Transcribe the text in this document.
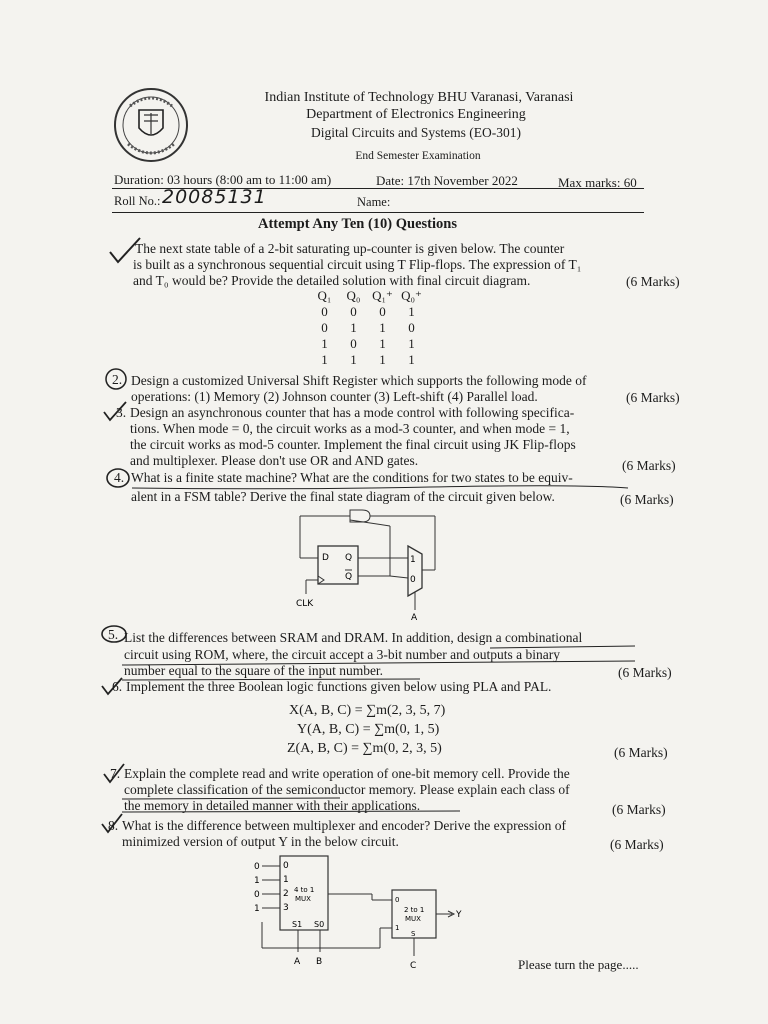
Indian Institute of Technology BHU Varanasi, Varanasi
Department of Electronics Engineering
Digital Circuits and Systems (EO-301)
End Semester Examination
Duration: 03 hours (8:00 am to 11:00 am)	Date: 17th November 2022	Max marks: 60
Roll No.: 20085131	Name:
Attempt Any Ten (10) Questions
The next state table of a 2-bit saturating up-counter is given below. The counter
is built as a synchronous sequential circuit using T Flip-flops. The expression of T₁
and T₀ would be? Provide the detailed solution with final circuit diagram.	(6 Marks)
Q₁	Q₀	Q₁⁺	Q₀⁺
0	0	0	1
0	1	1	0
1	0	1	1
1	1	1	1
2. Design a customized Universal Shift Register which supports the following mode of
operations: (1) Memory (2) Johnson counter (3) Left-shift (4) Parallel load.	(6 Marks)
3. Design an asynchronous counter that has a mode control with following specifica-
tions. When mode = 0, the circuit works as a mod-3 counter, and when mode = 1,
the circuit works as mod-5 counter. Implement the final circuit using JK Flip-flops
and multiplexer. Please don't use OR and AND gates.	(6 Marks)
4. What is a finite state machine? What are the conditions for two states to be equiv-
alent in a FSM table? Derive the final state diagram of the circuit given below.	(6 Marks)
D Q
Q
1
0
CLK
A
5. List the differences between SRAM and DRAM. In addition, design a combinational
circuit using ROM, where, the circuit accept a 3-bit number and outputs a binary
number equal to the square of the input number.	(6 Marks)
6. Implement the three Boolean logic functions given below using PLA and PAL.
X(A, B, C) = ∑m(2, 3, 5, 7)
Y(A, B, C) = ∑m(0, 1, 5)
Z(A, B, C) = ∑m(0, 2, 3, 5)	(6 Marks)
7. Explain the complete read and write operation of one-bit memory cell. Provide the
complete classification of the semiconductor memory. Please explain each class of
the memory in detailed manner with their applications.	(6 Marks)
8. What is the difference between multiplexer and encoder? Derive the expression of
minimized version of output Y in the below circuit.	(6 Marks)
0
1
0
1
0
1
2
3
4 to 1
MUX
S1 S0
A B
0
1
2 to 1
MUX
S
C
Y
Please turn the page.....
